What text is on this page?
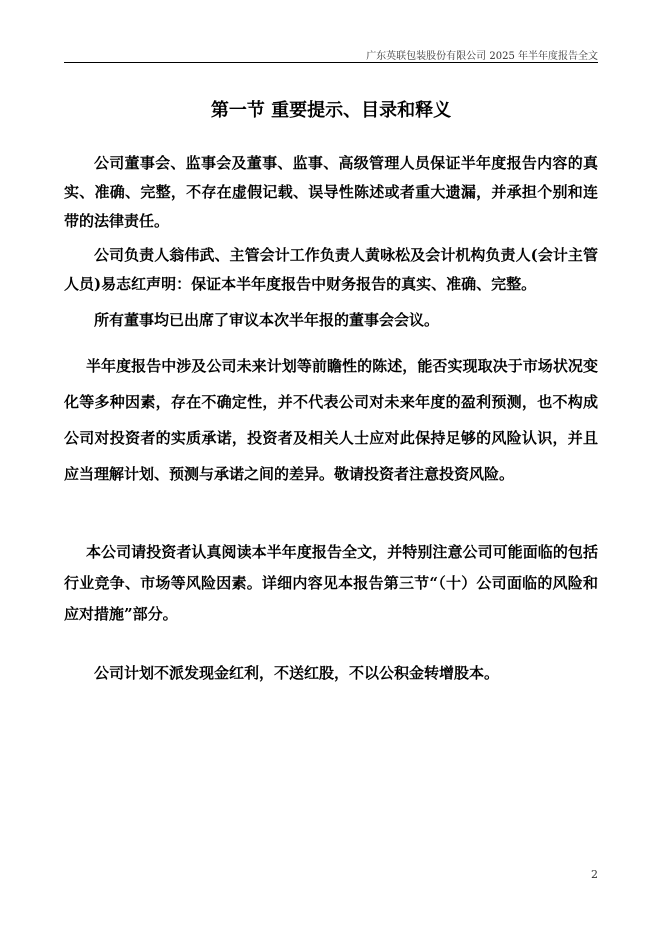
广东英联包装股份有限公司 2025 年半年度报告全文
第一节 重要提示、目录和释义
公司董事会、监事会及董事、监事、高级管理人员保证半年度报告内容的真实、准确、完整，不存在虚假记载、误导性陈述或者重大遗漏，并承担个别和连带的法律责任。
公司负责人翁伟武、主管会计工作负责人黄咏松及会计机构负责人(会计主管人员)易志红声明：保证本半年度报告中财务报告的真实、准确、完整。
所有董事均已出席了审议本次半年报的董事会会议。
半年度报告中涉及公司未来计划等前瞻性的陈述，能否实现取决于市场状况变化等多种因素，存在不确定性，并不代表公司对未来年度的盈利预测，也不构成公司对投资者的实质承诺，投资者及相关人士应对此保持足够的风险认识，并且应当理解计划、预测与承诺之间的差异。敬请投资者注意投资风险。
本公司请投资者认真阅读本半年度报告全文，并特别注意公司可能面临的包括行业竞争、市场等风险因素。详细内容见本报告第三节“（十）公司面临的风险和应对措施”部分。
公司计划不派发现金红利，不送红股，不以公积金转增股本。
2
